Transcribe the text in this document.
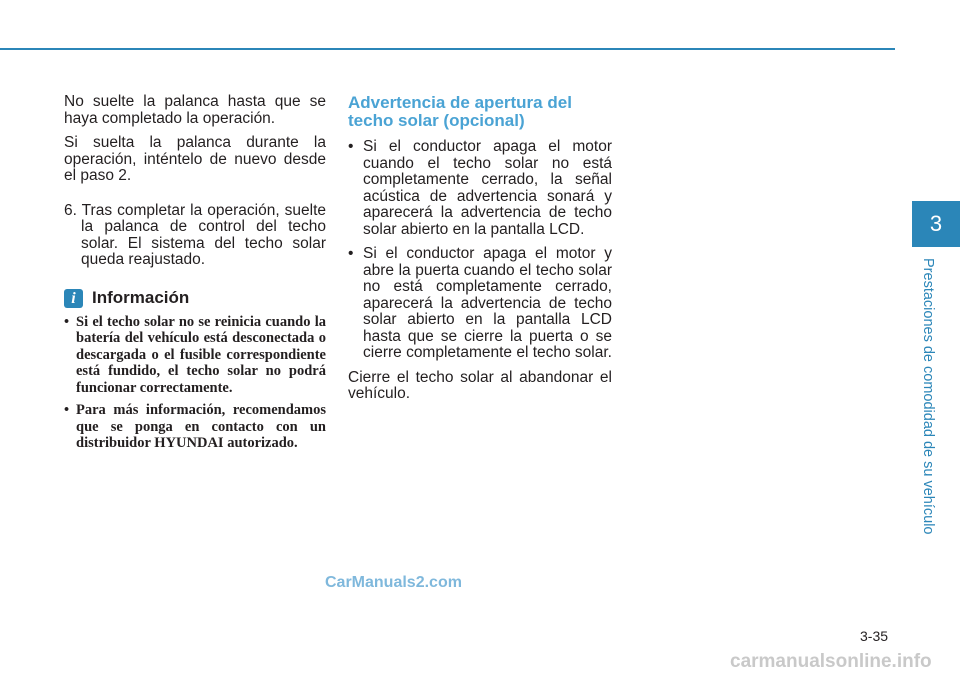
No suelte la palanca hasta que se haya completado la operación.

Si suelta la palanca durante la operación, inténtelo de nuevo desde el paso 2.

6. Tras completar la operación, suelte la palanca de control del techo solar. El sistema del techo solar queda reajustado.

i Información
• Si el techo solar no se reinicia cuando la batería del vehículo está desconectada o descargada o el fusible correspondiente está fundido, el techo solar no podrá funcionar correctamente.
• Para más información, recomendamos que se ponga en contacto con un distribuidor HYUNDAI autorizado.
Advertencia de apertura del techo solar (opcional)
• Si el conductor apaga el motor cuando el techo solar no está completamente cerrado, la señal acústica de advertencia sonará y aparecerá la advertencia de techo solar abierto en la pantalla LCD.
• Si el conductor apaga el motor y abre la puerta cuando el techo solar no está completamente cerrado, aparecerá la advertencia de techo solar abierto en la pantalla LCD hasta que se cierre la puerta o se cierre completamente el techo solar.

Cierre el techo solar al abandonar el vehículo.

3
Prestaciones de comodidad de su vehículo
3-35
CarManuals2.com
carmanualsonline.info
